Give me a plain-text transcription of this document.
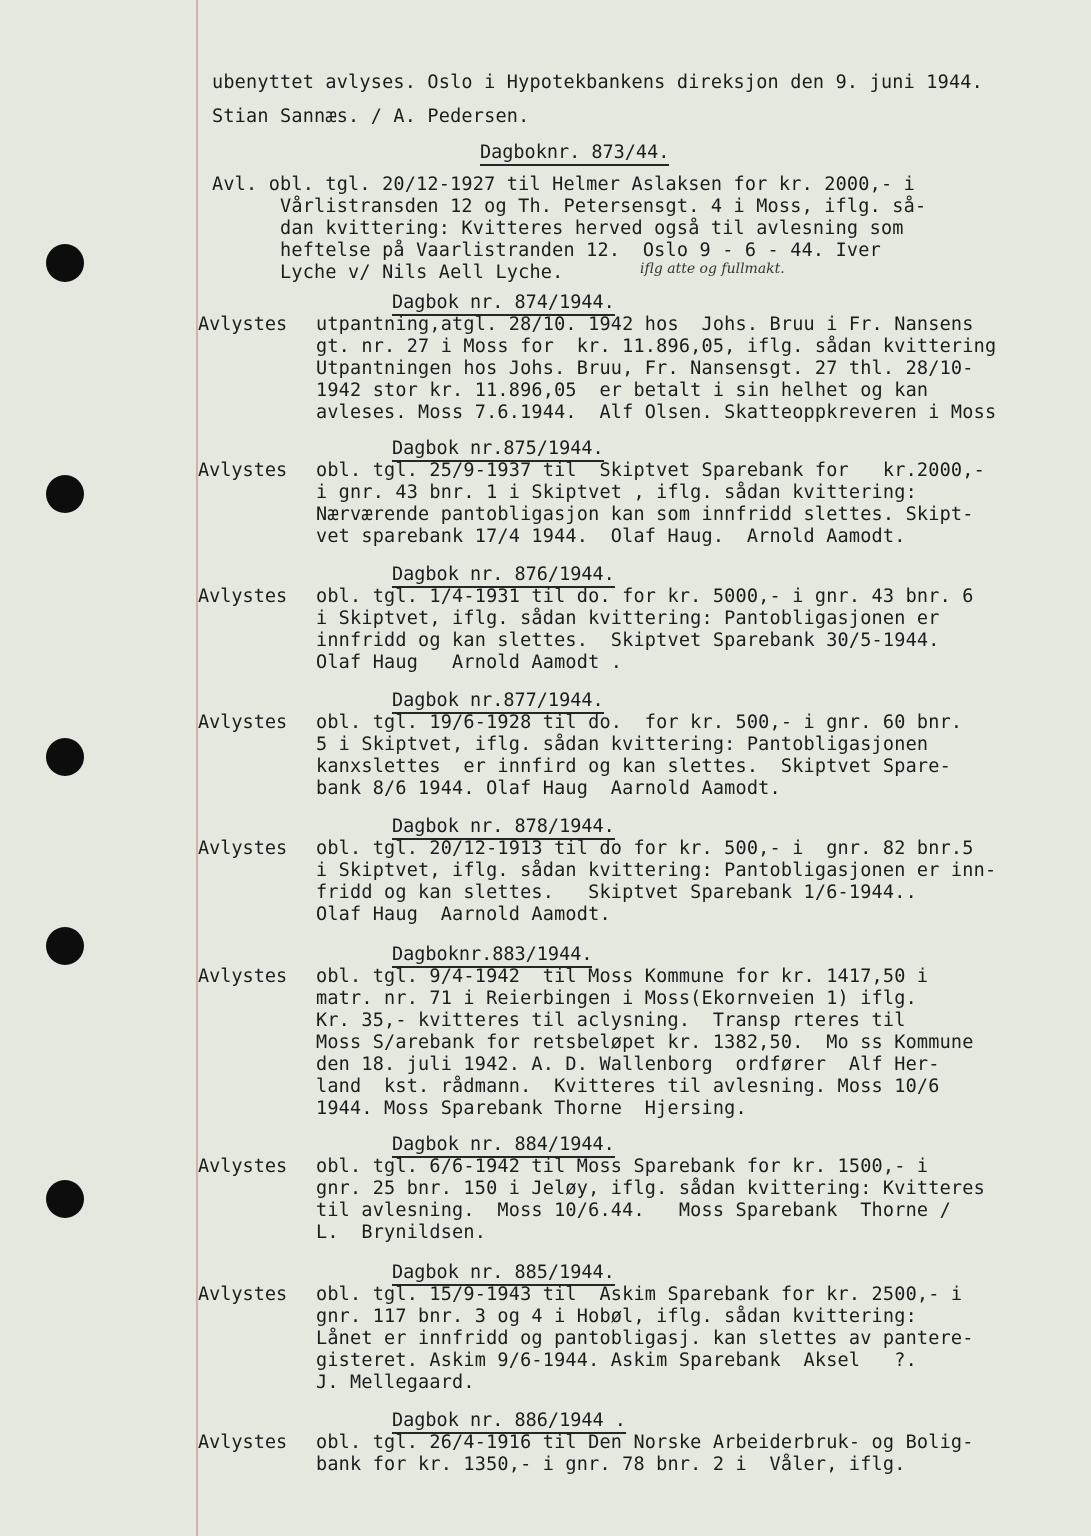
ubenyttet avlyses. Oslo i Hypotekbankens direksjon den 9. juni 1944.
Stian Sannæs. / A. Pedersen.
Dagboknr. 873/44.
Avl. obl. tgl. 20/12-1927 til Helmer Aslaksen for kr. 2000,- i
Vårlistransden 12 og Th. Petersensgt. 4 i Moss, iflg. så-
dan kvittering: Kvitteres herved også til avlesning som
heftelse på Vaarlistranden 12.  Oslo 9 - 6 - 44. Iver
Lyche v/ Nils Aell Lyche.	iflg atte og fullmakt.
Dagbok nr. 874/1944.
Avlystes utpantning,atgl. 28/10. 1942 hos  Johs. Bruu i Fr. Nansens
gt. nr. 27 i Moss for  kr. 11.896,05, iflg. sådan kvittering
Utpantningen hos Johs. Bruu, Fr. Nansensgt. 27 thl. 28/10-
1942 stor kr. 11.896,05  er betalt i sin helhet og kan
avleses. Moss 7.6.1944.  Alf Olsen. Skatteoppkreveren i Moss
Dagbok nr.875/1944.
Avlystes obl. tgl. 25/9-1937 til  Skiptvet Sparebank for   kr.2000,-
i gnr. 43 bnr. 1 i Skiptvet , iflg. sådan kvittering:
Nærværende pantobligasjon kan som innfridd slettes. Skipt-
vet sparebank 17/4 1944.  Olaf Haug.  Arnold Aamodt.
Dagbok nr. 876/1944.
Avlystes obl. tgl. 1/4-1931 til do. for kr. 5000,- i gnr. 43 bnr. 6
i Skiptvet, iflg. sådan kvittering: Pantobligasjonen er
innfridd og kan slettes.  Skiptvet Sparebank 30/5-1944.
Olaf Haug   Arnold Aamodt .
Dagbok nr.877/1944.
Avlystes obl. tgl. 19/6-1928 til do.  for kr. 500,- i gnr. 60 bnr.
5 i Skiptvet, iflg. sådan kvittering: Pantobligasjonen
kanxslettes  er innfird og kan slettes.  Skiptvet Spare-
bank 8/6 1944. Olaf Haug  Aarnold Aamodt.
Dagbok nr. 878/1944.
Avlystes obl. tgl. 20/12-1913 til do for kr. 500,- i  gnr. 82 bnr.5
i Skiptvet, iflg. sådan kvittering: Pantobligasjonen er inn-
fridd og kan slettes.   Skiptvet Sparebank 1/6-1944..
Olaf Haug  Aarnold Aamodt.
Dagboknr.883/1944.
Avlystes obl. tgl. 9/4-1942  til Moss Kommune for kr. 1417,50 i
matr. nr. 71 i Reierbingen i Moss(Ekornveien 1) iflg.
Kr. 35,- kvitteres til aclysning.  Transp rteres til
Moss S/arebank for retsbeløpet kr. 1382,50.  Mo ss Kommune
den 18. juli 1942. A. D. Wallenborg  ordfører  Alf Her-
land  kst. rådmann.  Kvitteres til avlesning. Moss 10/6
1944. Moss Sparebank Thorne  Hjersing.
Dagbok nr. 884/1944.
Avlystes obl. tgl. 6/6-1942 til Moss Sparebank for kr. 1500,- i
gnr. 25 bnr. 150 i Jeløy, iflg. sådan kvittering: Kvitteres
til avlesning.  Moss 10/6.44.   Moss Sparebank  Thorne /
L.  Brynildsen.
Dagbok nr. 885/1944.
Avlystes obl. tgl. 15/9-1943 til  Askim Sparebank for kr. 2500,- i
gnr. 117 bnr. 3 og 4 i Hobøl, iflg. sådan kvittering:
Lånet er innfridd og pantobligasj. kan slettes av pantere-
gisteret. Askim 9/6-1944. Askim Sparebank  Aksel   ?.
J. Mellegaard.
Dagbok nr. 886/1944 .
Avlystes obl. tgl. 26/4-1916 til Den Norske Arbeiderbruk- og Bolig-
bank for kr. 1350,- i gnr. 78 bnr. 2 i  Våler, iflg.
